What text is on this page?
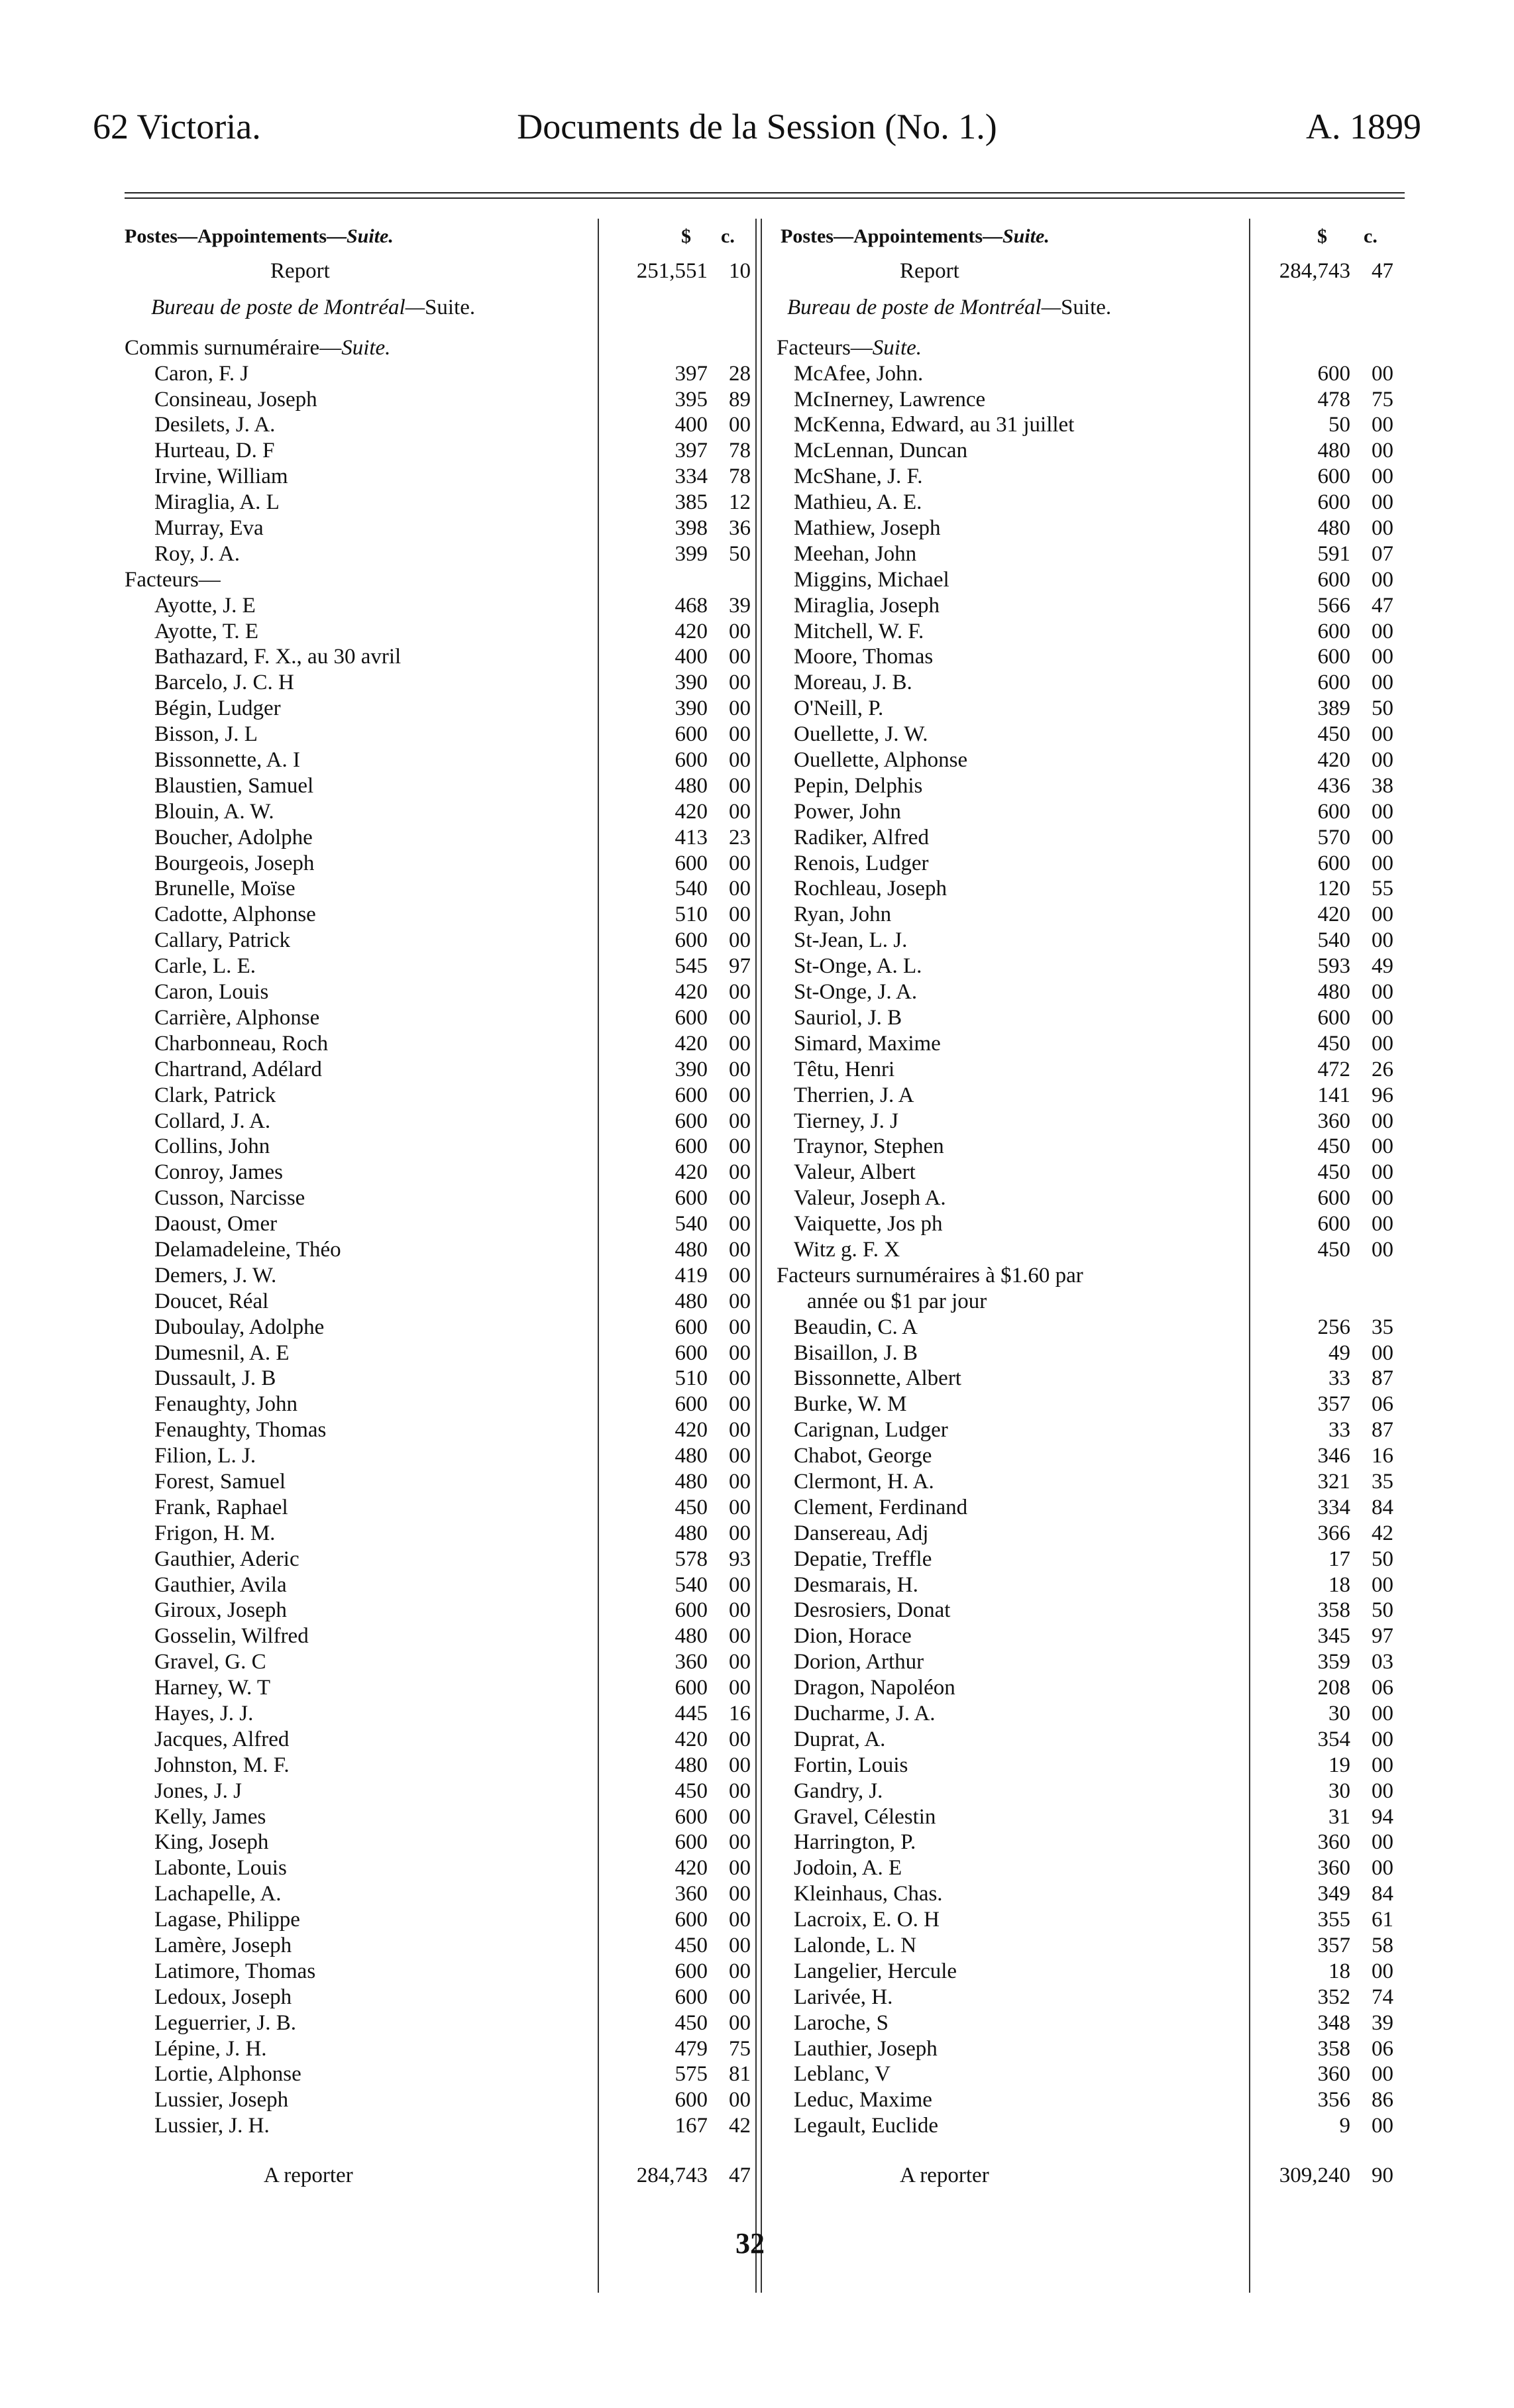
62 Victoria.	Documents de la Session (No. 1.)	A. 1899
Postes—Appointements—Suite.	$ c.
Report	251,551 10
Bureau de poste de Montréal—Suite.
Commis surnuméraire—Suite.
Caron, F. J	397 28
Consineau, Joseph	395 89
Desilets, J. A.	400 00
Hurteau, D. F	397 78
Irvine, William	334 78
Miraglia, A. L	385 12
Murray, Eva	398 36
Roy, J. A.	399 50
Facteurs—
Ayotte, J. E	468 39
Ayotte, T. E	420 00
Bathazard, F. X., au 30 avril	400 00
Barcelo, J. C. H	390 00
Bégin, Ludger	390 00
Bisson, J. L	600 00
Bissonnette, A. I	600 00
Blaustien, Samuel	480 00
Blouin, A. W.	420 00
Boucher, Adolphe	413 23
Bourgeois, Joseph	600 00
Brunelle, Moïse	540 00
Cadotte, Alphonse	510 00
Callary, Patrick	600 00
Carle, L. E.	545 97
Caron, Louis	420 00
Carrière, Alphonse	600 00
Charbonneau, Roch	420 00
Chartrand, Adélard	390 00
Clark, Patrick	600 00
Collard, J. A.	600 00
Collins, John	600 00
Conroy, James	420 00
Cusson, Narcisse	600 00
Daoust, Omer	540 00
Delamadeleine, Théo	480 00
Demers, J. W.	419 00
Doucet, Réal	480 00
Duboulay, Adolphe	600 00
Dumesnil, A. E	600 00
Dussault, J. B	510 00
Fenaughty, John	600 00
Fenaughty, Thomas	420 00
Filion, L. J.	480 00
Forest, Samuel	480 00
Frank, Raphael	450 00
Frigon, H. M.	480 00
Gauthier, Aderic	578 93
Gauthier, Avila	540 00
Giroux, Joseph	600 00
Gosselin, Wilfred	480 00
Gravel, G. C	360 00
Harney, W. T	600 00
Hayes, J. J.	445 16
Jacques, Alfred	420 00
Johnston, M. F.	480 00
Jones, J. J	450 00
Kelly, James	600 00
King, Joseph	600 00
Labonte, Louis	420 00
Lachapelle, A.	360 00
Lagase, Philippe	600 00
Lamère, Joseph	450 00
Latimore, Thomas	600 00
Ledoux, Joseph	600 00
Leguerrier, J. B.	450 00
Lépine, J. H.	479 75
Lortie, Alphonse	575 81
Lussier, Joseph	600 00
Lussier, J. H.	167 42
A reporter	284,743 47
Postes—Appointements—Suite.	$ c.
Report	284,743 47
Bureau de poste de Montréal—Suite.
Facteurs—Suite.
McAfee, John.	600 00
McInerney, Lawrence	478 75
McKenna, Edward, au 31 juillet	50 00
McLennan, Duncan	480 00
McShane, J. F.	600 00
Mathieu, A. E.	600 00
Mathiew, Joseph	480 00
Meehan, John	591 07
Miggins, Michael	600 00
Miraglia, Joseph	566 47
Mitchell, W. F.	600 00
Moore, Thomas	600 00
Moreau, J. B.	600 00
O'Neill, P.	389 50
Ouellette, J. W.	450 00
Ouellette, Alphonse	420 00
Pepin, Delphis	436 38
Power, John	600 00
Radiker, Alfred	570 00
Renois, Ludger	600 00
Rochleau, Joseph	120 55
Ryan, John	420 00
St-Jean, L. J.	540 00
St-Onge, A. L.	593 49
St-Onge, J. A.	480 00
Sauriol, J. B	600 00
Simard, Maxime	450 00
Têtu, Henri	472 26
Therrien, J. A	141 96
Tierney, J. J	360 00
Traynor, Stephen	450 00
Valeur, Albert	450 00
Valeur, Joseph A.	600 00
Vaiquette, Jos ph	600 00
Witz g. F. X	450 00
Facteurs surnuméraires à $1.60 par
année ou $1 par jour
Beaudin, C. A	256 35
Bisaillon, J. B	49 00
Bissonnette, Albert	33 87
Burke, W. M	357 06
Carignan, Ludger	33 87
Chabot, George	346 16
Clermont, H. A.	321 35
Clement, Ferdinand	334 84
Dansereau, Adj	366 42
Depatie, Treffle	17 50
Desmarais, H.	18 00
Desrosiers, Donat	358 50
Dion, Horace	345 97
Dorion, Arthur	359 03
Dragon, Napoléon	208 06
Ducharme, J. A.	30 00
Duprat, A.	354 00
Fortin, Louis	19 00
Gandry, J.	30 00
Gravel, Célestin	31 94
Harrington, P.	360 00
Jodoin, A. E	360 00
Kleinhaus, Chas.	349 84
Lacroix, E. O. H	355 61
Lalonde, L. N	357 58
Langelier, Hercule	18 00
Larivée, H.	352 74
Laroche, S	348 39
Lauthier, Joseph	358 06
Leblanc, V	360 00
Leduc, Maxime	356 86
Legault, Euclide	9 00
A reporter	309,240 90
32
